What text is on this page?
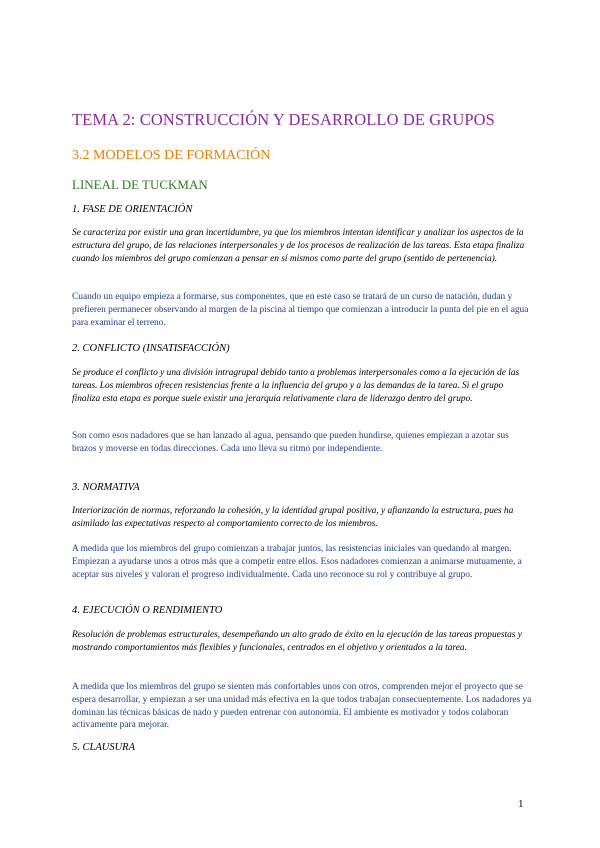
TEMA 2: CONSTRUCCIÓN Y DESARROLLO DE GRUPOS
3.2 MODELOS DE FORMACIÓN
LINEAL DE TUCKMAN
1. FASE DE ORIENTACIÓN
Se caracteriza por existir una gran incertidumbre, ya que los miembros intentan identificar y analizar los aspectos de la estructura del grupo, de las relaciones interpersonales y de los procesos de realización de las tareas. Esta etapa finaliza cuando los miembros del grupo comienzan a pensar en sí mismos como parte del grupo (sentido de pertenencia).
Cuando un equipo empieza a formarse, sus componentes, que en este caso se tratará de un curso de natación, dudan y prefieren permanecer observando al margen de la piscina al tiempo que comienzan a introducir la punta del pie en el agua para examinar el terreno.
2. CONFLICTO (INSATISFACCIÓN)
Se produce el conflicto y una división intragrupal debido tanto a problemas interpersonales como a la ejecución de las tareas. Los miembros ofrecen resistencias frente a la influencia del grupo y a las demandas de la tarea. Si el grupo finaliza esta etapa es porque suele existir una jerarquía relativamente clara de liderazgo dentro del grupo.
Son como esos nadadores que se han lanzado al agua, pensando que pueden hundirse, quienes empiezan a azotar sus brazos y moverse en todas direcciones. Cada uno lleva su ritmo por independiente.
3. NORMATIVA
Interiorización de normas, reforzando la cohesión, y la identidad grupal positiva, y afianzando la estructura, pues ha asimilado las expectativas respecto al comportamiento correcto de los miembros.
A medida que los miembros del grupo comienzan a trabajar juntos, las resistencias iniciales van quedando al margen. Empiezan a ayudarse unos a otros más que a competir entre ellos. Esos nadadores comienzan a animarse mutuamente, a aceptar sus niveles y valoran el progreso individualmente. Cada uno reconoce su rol y contribuye al grupo.
4. EJECUCIÓN O RENDIMIENTO
Resolución de problemas estructurales, desempeñando un alto grado de éxito en la ejecución de las tareas propuestas y mostrando comportamientos más flexibles y funcionales, centrados en el objetivo y orientados a la tarea.
A medida que los miembros del grupo se sienten más confortables unos con otros, comprenden mejor el proyecto que se espera desarrollar, y empiezan a ser una unidad más efectiva en la que todos trabajan consecuentemente. Los nadadores ya dominan las técnicas básicas de nado y pueden entrenar con autonomía. El ambiente es motivador y todos colaboran activamente para mejorar.
5. CLAUSURA
1
